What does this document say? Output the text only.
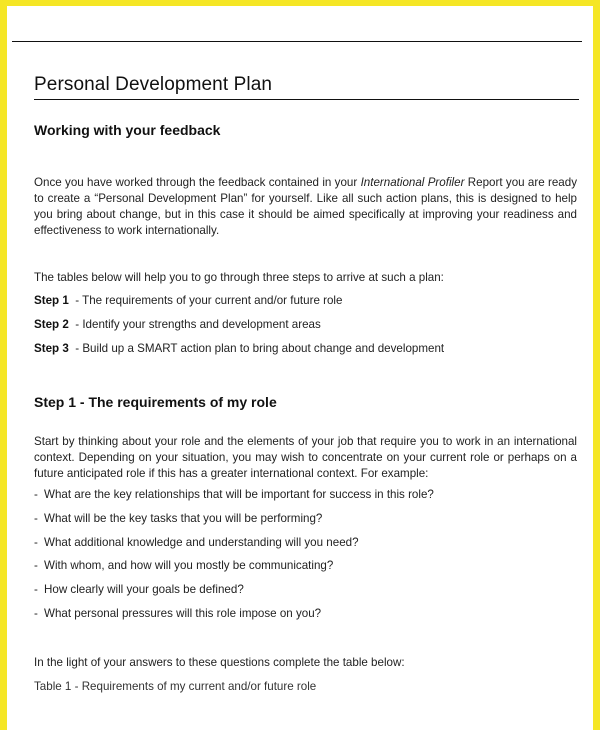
Personal Development Plan
Working with your feedback

Once you have worked through the feedback contained in your International Profiler Report you are ready to create a “Personal Development Plan” for yourself. Like all such action plans, this is designed to help you bring about change, but in this case it should be aimed specifically at improving your readiness and effectiveness to work internationally.

The tables below will help you to go through three steps to arrive at such a plan:

Step 1  - The requirements of your current and/or future role
Step 2  - Identify your strengths and development areas
Step 3  - Build up a SMART action plan to bring about change and development
Step 1 - The requirements of my role

Start by thinking about your role and the elements of your job that require you to work in an international context. Depending on your situation, you may wish to concentrate on your current role or perhaps on a future anticipated role if this has a greater international context. For example:

- What are the key relationships that will be important for success in this role?
- What will be the key tasks that you will be performing?
- What additional knowledge and understanding will you need?
- With whom, and how will you mostly be communicating?
- How clearly will your goals be defined?
- What personal pressures will this role impose on you?

In the light of your answers to these questions complete the table below:

Table 1 - Requirements of my current and/or future role
